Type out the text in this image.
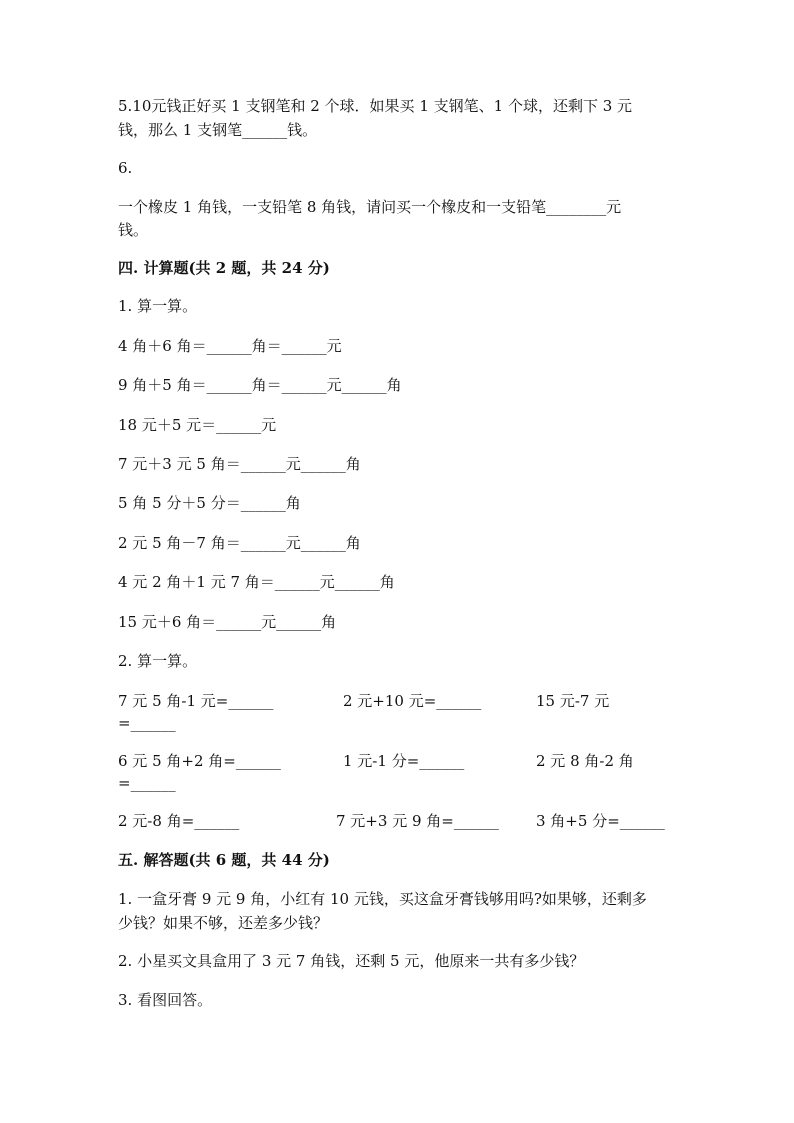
5.10元钱正好买 1 支钢笔和 2 个球．如果买 1 支钢笔、1 个球，还剩下 3 元
钱，那么 1 支钢笔______钱。
6.
一个橡皮 1 角钱，一支铅笔 8 角钱，请问买一个橡皮和一支铅笔________元
钱。
四. 计算题(共 2 题，共 24 分)
1. 算一算。
4 角＋6 角＝______角＝______元
9 角＋5 角＝______角＝______元______角
18 元＋5 元＝______元
7 元＋3 元 5 角＝______元______角
5 角 5 分＋5 分＝______角
2 元 5 角－7 角＝______元______角
4 元 2 角＋1 元 7 角＝______元______角
15 元＋6 角＝______元______角
2. 算一算。
7 元 5 角-1 元=______	2 元+10 元=______	15 元-7 元
=______
6 元 5 角+2 角=______	1 元-1 分=______	2 元 8 角-2 角
=______
2 元-8 角=______	7 元+3 元 9 角=______ 3 角+5 分=______
五. 解答题(共 6 题，共 44 分)
1. 一盒牙膏 9 元 9 角，小红有 10 元钱，买这盒牙膏钱够用吗?如果够，还剩多
少钱？如果不够，还差多少钱？
2. 小星买文具盒用了 3 元 7 角钱，还剩 5 元，他原来一共有多少钱？
3. 看图回答。
